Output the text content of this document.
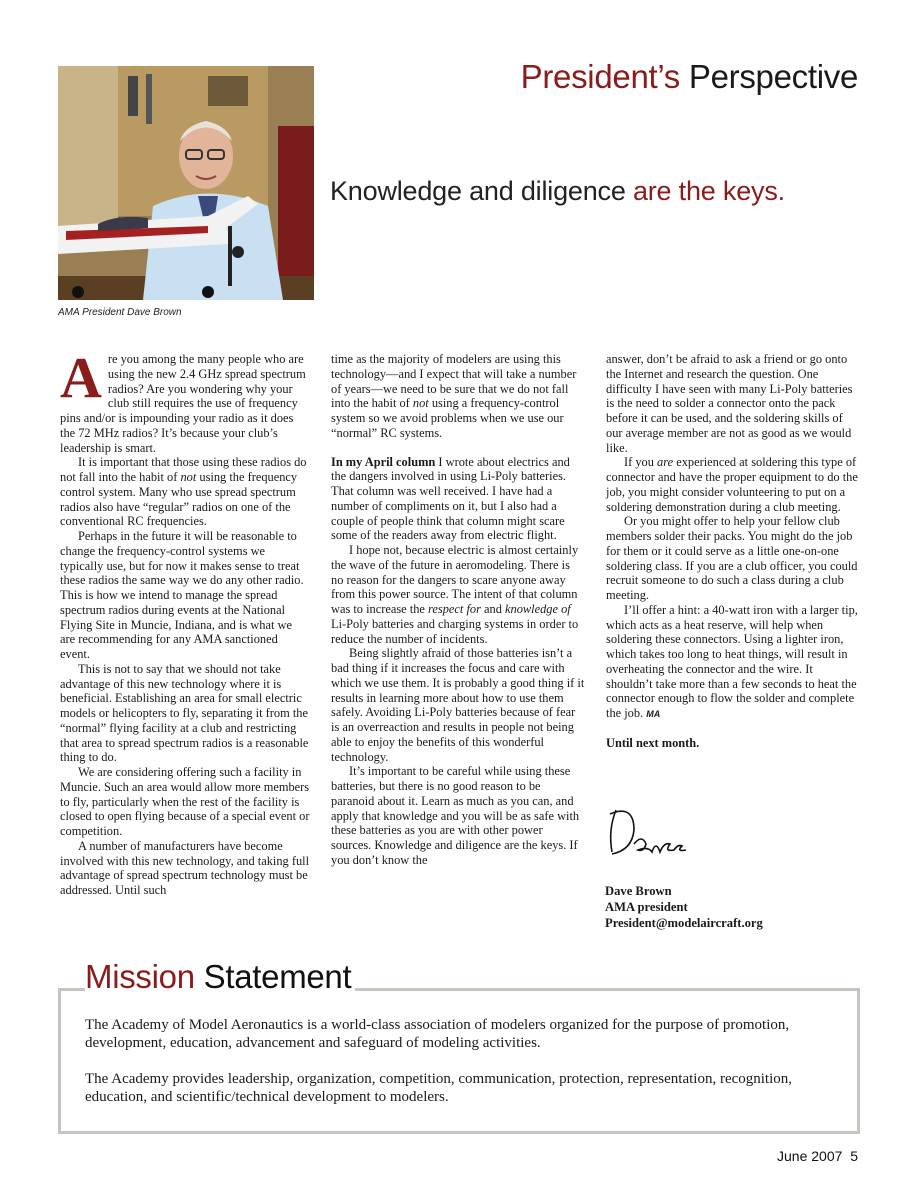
AMA President Dave Brown
President’s Perspective
Knowledge and diligence are the keys.

Are you among the many people who are using the new 2.4 GHz spread spectrum radios? Are you wondering why your club still requires the use of frequency pins and/or is impounding your radio as it does the 72 MHz radios? It’s because your club’s leadership is smart.

It is important that those using these radios do not fall into the habit of not using the frequency control system. Many who use spread spectrum radios also have “regular” radios on one of the conventional RC frequencies.

Perhaps in the future it will be reasonable to change the frequency-control systems we typically use, but for now it makes sense to treat these radios the same way we do any other radio. This is how we intend to manage the spread spectrum radios during events at the National Flying Site in Muncie, Indiana, and is what we are recommending for any AMA sanctioned event.

This is not to say that we should not take advantage of this new technology where it is beneficial. Establishing an area for small electric models or helicopters to fly, separating it from the “normal” flying facility at a club and restricting that area to spread spectrum radios is a reasonable thing to do.

We are considering offering such a facility in Muncie. Such an area would allow more members to fly, particularly when the rest of the facility is closed to open flying because of a special event or competition.

A number of manufacturers have become involved with this new technology, and taking full advantage of spread spectrum technology must be addressed. Until such

time as the majority of modelers are using this technology—and I expect that will take a number of years—we need to be sure that we do not fall into the habit of not using a frequency-control system so we avoid problems when we use our “normal” RC systems.

In my April column I wrote about electrics and the dangers involved in using Li-Poly batteries. That column was well received. I have had a number of compliments on it, but I also had a couple of people think that column might scare some of the readers away from electric flight.

I hope not, because electric is almost certainly the wave of the future in aeromodeling. There is no reason for the dangers to scare anyone away from this power source. The intent of that column was to increase the respect for and knowledge of Li-Poly batteries and charging systems in order to reduce the number of incidents.

Being slightly afraid of those batteries isn’t a bad thing if it increases the focus and care with which we use them. It is probably a good thing if it results in learning more about how to use them safely. Avoiding Li-Poly batteries because of fear is an overreaction and results in people not being able to enjoy the benefits of this wonderful technology.

It’s important to be careful while using these batteries, but there is no good reason to be paranoid about it. Learn as much as you can, and apply that knowledge and you will be as safe with these batteries as you are with other power sources. Knowledge and diligence are the keys. If you don’t know the

answer, don’t be afraid to ask a friend or go onto the Internet and research the question. One difficulty I have seen with many Li-Poly batteries is the need to solder a connector onto the pack before it can be used, and the soldering skills of our average member are not as good as we would like.

If you are experienced at soldering this type of connector and have the proper equipment to do the job, you might consider volunteering to put on a soldering demonstration during a club meeting.

Or you might offer to help your fellow club members solder their packs. You might do the job for them or it could serve as a little one-on-one soldering class. If you are a club officer, you could recruit someone to do such a class during a club meeting.

I’ll offer a hint: a 40-watt iron with a larger tip, which acts as a heat reserve, will help when soldering these connectors. Using a lighter iron, which takes too long to heat things, will result in overheating the connector and the wire. It shouldn’t take more than a few seconds to heat the connector enough to flow the solder and complete the job. MA

Until next month.

Dave Brown
AMA president
President@modelaircraft.org
Mission Statement

The Academy of Model Aeronautics is a world-class association of modelers organized for the purpose of promotion, development, education, advancement and safeguard of modeling activities.

The Academy provides leadership, organization, competition, communication, protection, representation, recognition, education, and scientific/technical development to modelers.

June 2007 5
